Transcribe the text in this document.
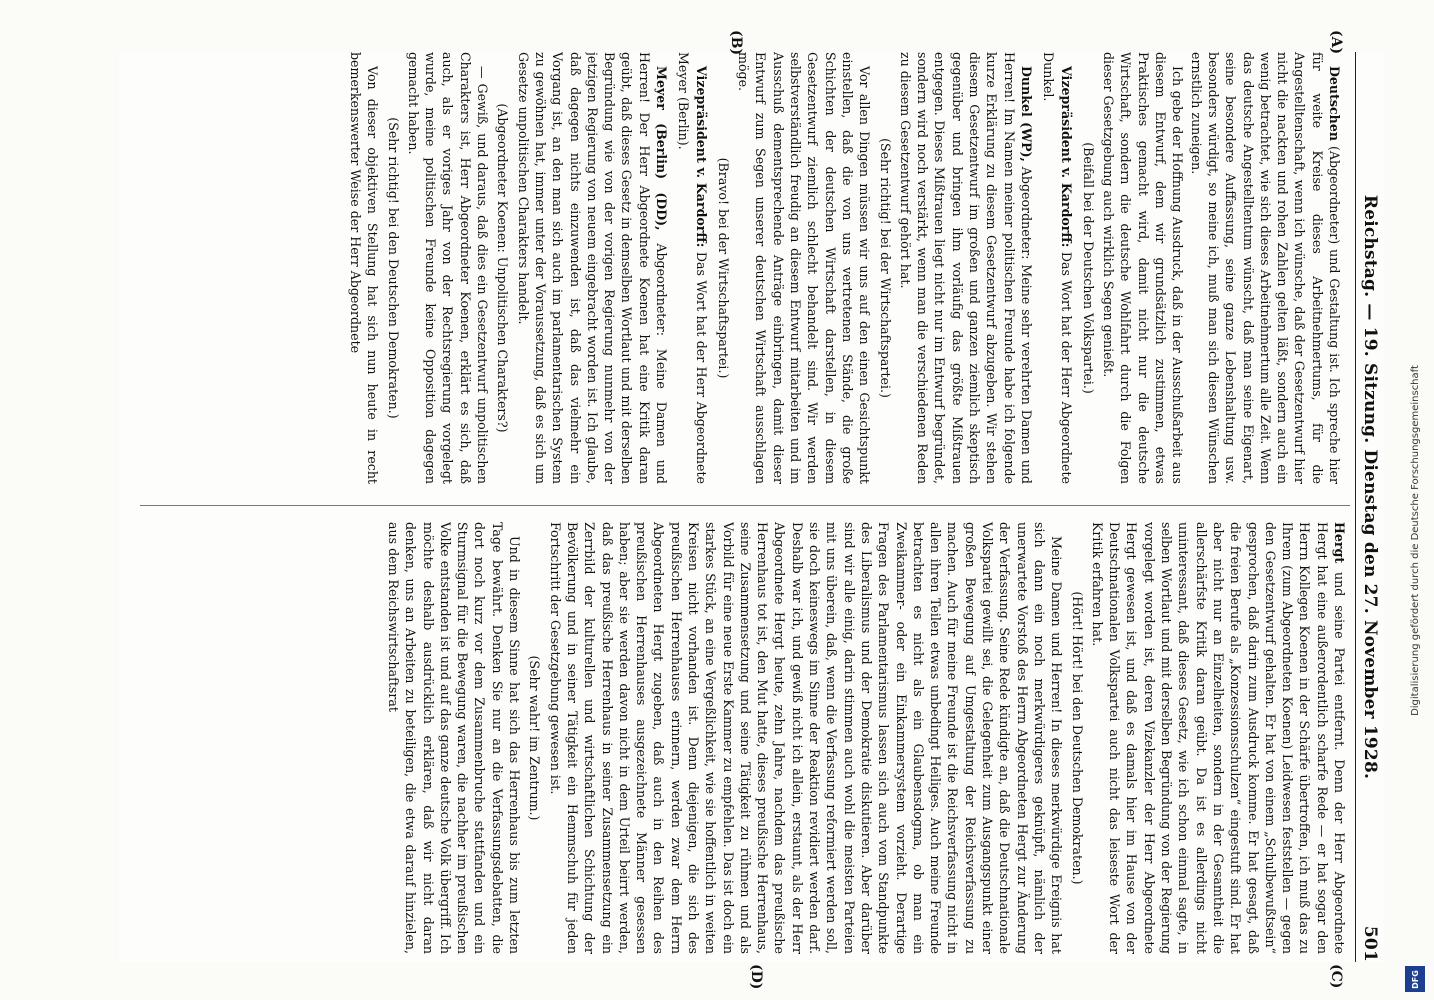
Reichstag. — 19. Sitzung. Dienstag den 27. November 1928.
501
(A)
(B)
(C)
(D)

Deutschen (Abgeordneter) und Gestaltung ist. Ich spreche hier für weite Kreise dieses Arbeitnehmertums, für die Angestelltenschaft, wenn ich wünsche, daß der Gesetzentwurf hier nicht die nackten und rohen Zahlen gelten läßt, sondern auch ein wenig betrachtet, wie sich dieses Arbeitnehmertum alle Zeit. Wenn das deutsche Angestelltentum wünscht, daß man seine Eigenart, seine besondere Auffassung, seine ganze Lebenshaltung usw. besonders würdigt, so meine ich, muß man sich diesen Wünschen ernstlich zuneigen.

Ich gebe der Hoffnung Ausdruck, daß in der Ausschußarbeit aus diesem Entwurf, dem wir grundsätzlich zustimmen, etwas Praktisches gemacht wird, damit nicht nur die deutsche Wirtschaft, sondern die deutsche Wohlfahrt durch die Folgen dieser Gesetzgebung auch wirklich Segen genießt.

(Beifall bei der Deutschen Volkspartei.)

Vizepräsident v. Kardorff: Das Wort hat der Herr Abgeordnete Dunkel.

Dunkel (WP), Abgeordneter: Meine sehr verehrten Damen und Herren! Im Namen meiner politischen Freunde habe ich folgende kurze Erklärung zu diesem Gesetzentwurf abzugeben. Wir stehen diesem Gesetzentwurf im großen und ganzen ziemlich skeptisch gegenüber und bringen ihm vorläufig das größte Mißtrauen entgegen. Dieses Mißtrauen liegt nicht nur im Entwurf begründet, sondern wird noch verstärkt, wenn man die verschiedenen Reden zu diesem Gesetzentwurf gehört hat.

(Sehr richtig! bei der Wirtschaftspartei.)

Vor allen Dingen müssen wir uns auf den einen Gesichtspunkt einstellen, daß die von uns vertretenen Stände, die große Schichten der deutschen Wirtschaft darstellen, in diesem Gesetzentwurf ziemlich schlecht behandelt sind. Wir werden selbstverständlich freudig an diesem Entwurf mitarbeiten und im Ausschuß dementsprechende Anträge einbringen, damit dieser Entwurf zum Segen unserer deutschen Wirtschaft ausschlagen möge.

(Bravo! bei der Wirtschaftspartei.)

Vizepräsident v. Kardorff: Das Wort hat der Herr Abgeordnete Meyer (Berlin).

Meyer (Berlin) (DD), Abgeordneter: Meine Damen und Herren! Der Herr Abgeordnete Koenen hat eine Kritik daran geübt, daß dieses Gesetz in demselben Wortlaut und mit derselben Begründung wie von der vorigen Regierung nunmehr von der jetzigen Regierung von neuem eingebracht worden ist. Ich glaube, daß dagegen nichts einzuwenden ist, daß das vielmehr ein Vorgang ist, an den man sich auch im parlamentarischen System zu gewöhnen hat, immer unter der Voraussetzung, daß es sich um Gesetze unpolitischen Charakters handelt.

(Abgeordneter Koenen: Unpolitischen Charakters?)

— Gewiß, und daraus, daß dies ein Gesetzentwurf unpolitischen Charakters ist, Herr Abgeordneter Koenen, erklärt es sich, daß auch, als er voriges Jahr von der Rechtsregierung vorgelegt wurde, meine politischen Freunde keine Opposition dagegen gemacht haben.

(Sehr richtig! bei den Deutschen Demokraten.)

Von dieser objektiven Stellung hat sich nun heute in recht bemerkenswerter Weise der Herr Abgeordnete

Hergt und seine Partei entfernt. Denn der Herr Abgeordnete Hergt hat eine außerordentlich scharfe Rede — er hat sogar den Herrn Kollegen Koenen in der Schärfe übertroffen, ich muß das zu Ihrem (zum Abgeordneten Koenen) Leidwesen feststellen — gegen den Gesetzentwurf gehalten. Er hat von einem „Schulbewußtsein“ gesprochen, daß darin zum Ausdruck komme. Er hat gesagt, daß die freien Berufe als „Konzessionsschulzen“ eingestuft sind. Er hat aber nicht nur an Einzelheiten, sondern in der Gesamtheit die allerschärfste Kritik daran geübt. Da ist es allerdings nicht uninteressant, daß dieses Gesetz, wie ich schon einmal sagte, in selben Wortlaut und mit derselben Begründung von der Regierung vorgelegt worden ist, deren Vizekanzler der Herr Abgeordnete Hergt gewesen ist, und daß es damals hier im Hause von der Deutschnationalen Volkspartei auch nicht das leiseste Wort der Kritik erfahren hat.

(Hört! Hört! bei den Deutschen Demokraten.)

Meine Damen und Herren! In dieses merkwürdige Ereignis hat sich dann ein noch merkwürdigeres geknüpft, nämlich der unerwartete Vorstoß des Herrn Abgeordneten Hergt zur Änderung der Verfassung. Seine Rede kündigte an, daß die Deutschnationale Volkspartei gewillt sei, die Gelegenheit zum Ausgangspunkt einer großen Bewegung auf Umgestaltung der Reichsverfassung zu machen. Auch für meine Freunde ist die Reichsverfassung nicht in allen ihren Teilen etwas unbedingt Heiliges. Auch meine Freunde betrachten es nicht als ein Glaubensdogma, ob man ein Zweikammer- oder ein Einkammersystem vorzieht. Derartige Fragen des Parlamentarismus lassen sich auch vom Standpunkte des Liberalismus und der Demokratie diskutieren. Aber darüber sind wir alle einig, darin stimmen auch wohl die meisten Parteien mit uns überein, daß, wenn die Verfassung reformiert werden soll, sie doch keineswegs im Sinne der Reaktion revidiert werden darf. Deshalb war ich, und gewiß nicht ich allein, erstaunt, als der Herr Abgeordnete Hergt heute, zehn Jahre, nachdem das preußische Herrenhaus tot ist, den Mut hatte, dieses preußische Herrenhaus, seine Zusammensetzung und seine Tätigkeit zu rühmen und als Vorbild für eine neue Erste Kammer zu empfehlen. Das ist doch ein starkes Stück, an eine Vergeßlichkeit, wie sie hoffentlich in weiten Kreisen nicht vorhanden ist. Denn diejenigen, die sich des preußischen Herrenhauses erinnern, werden zwar dem Herrn Abgeordneten Hergt zugeben, daß auch in den Reihen des preußischen Herrenhauses ausgezeichnete Männer gesessen haben; aber sie werden davon nicht in dem Urteil beirrt werden, daß das preußische Herrenhaus in seiner Zusammensetzung ein Zerrbild der kulturellen und wirtschaftlichen Schichtung der Bevölkerung und in seiner Tätigkeit ein Hemmschuh für jeden Fortschritt der Gesetzgebung gewesen ist.

(Sehr wahr! im Zentrum.)

Und in diesem Sinne hat sich das Herrenhaus bis zum letzten Tage bewährt. Denken Sie nur an die Verfassungsdebatten, die dort noch kurz vor dem Zusammenbruche stattfanden und ein Sturmsignal für die Bewegung waren, die nachher im preußischen Volke entstanden ist und auf das ganze deutsche Volk übergriff. Ich möchte deshalb ausdrücklich erklären, daß wir nicht daran denken, uns an Arbeiten zu beteiligen, die etwa darauf hinzielen, aus dem Reichswirtschaftsrat	Digitalisierung gefördert durch die Deutsche Forschungsgemeinschaft
DFG
